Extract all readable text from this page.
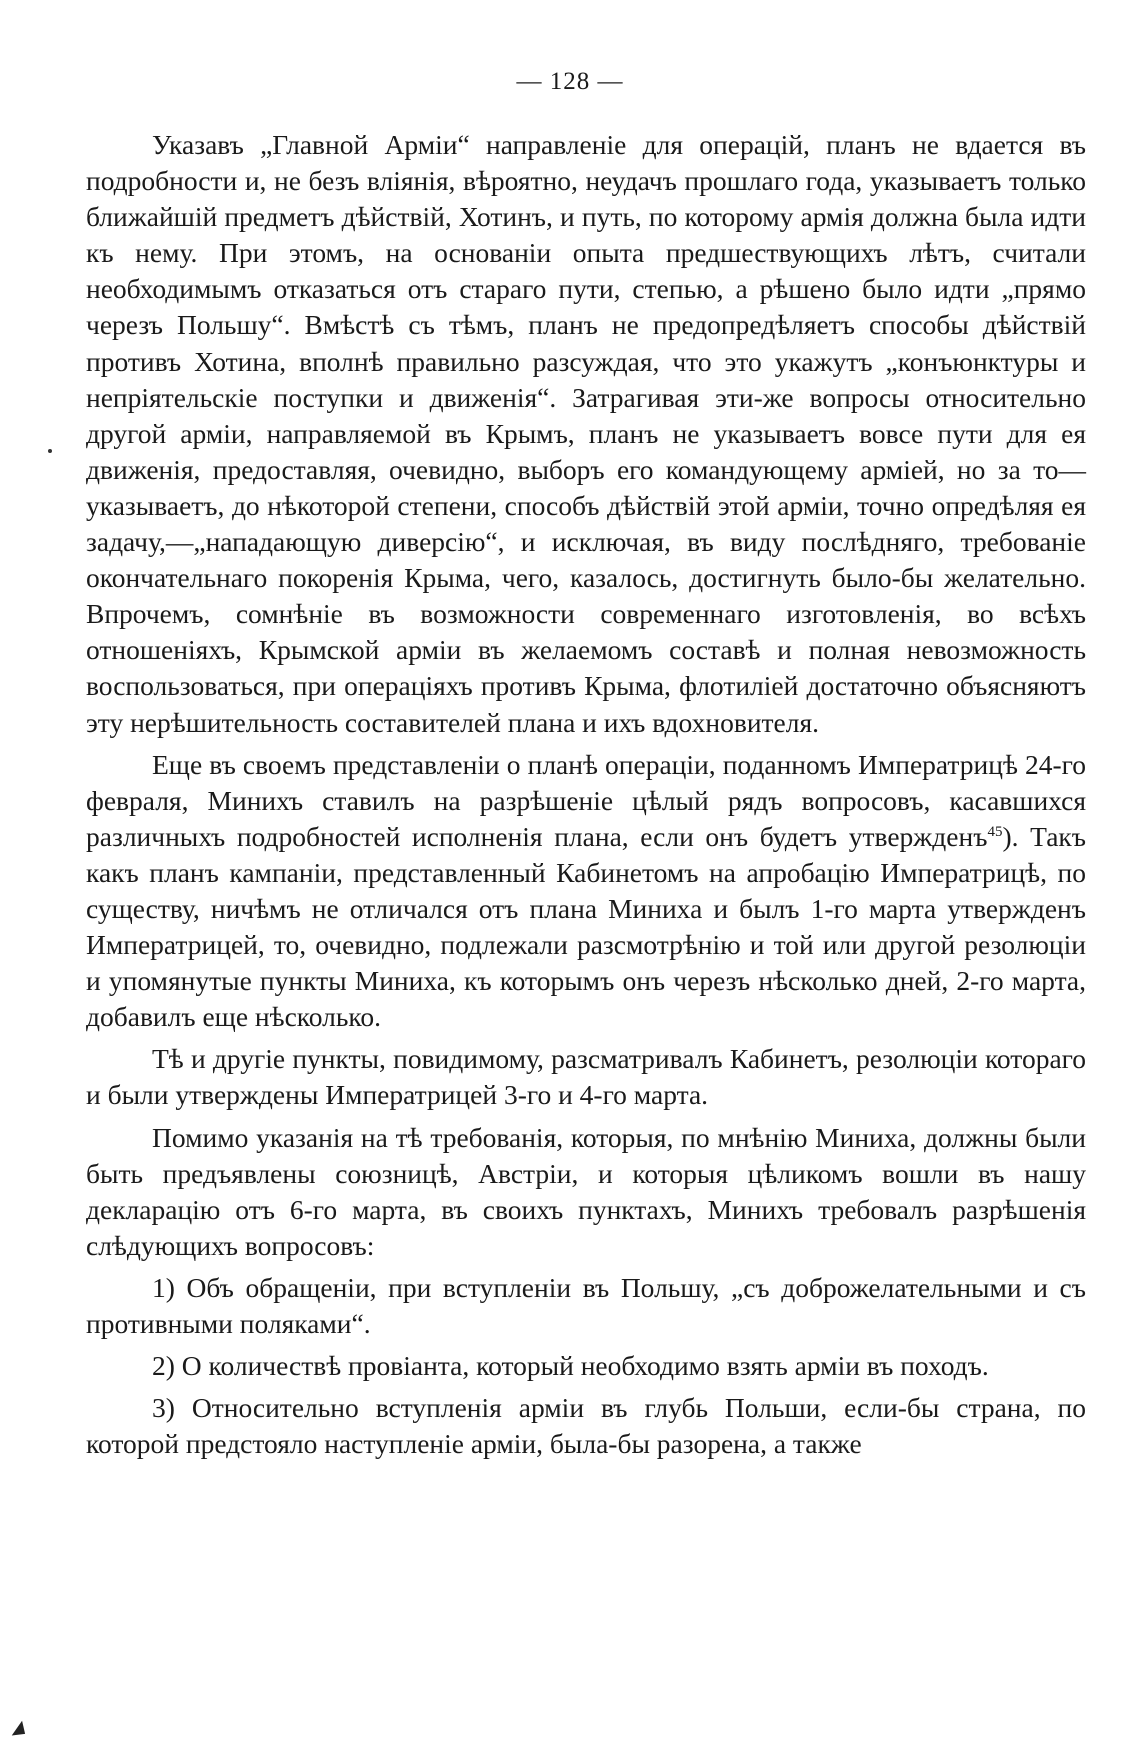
— 128 —

Указавъ „Главной Арміи“ направленіе для операцій, планъ не вдается въ подробности и, не безъ вліянія, вѣроятно, неудачъ прошлаго года, указываетъ только ближайшій предметъ дѣйствій, Хотинъ, и путь, по которому армія должна была идти къ нему. При этомъ, на основаніи опыта предшествующихъ лѣтъ, считали необходимымъ отказаться отъ стараго пути, степью, а рѣшено было идти „прямо черезъ Польшу“. Вмѣстѣ съ тѣмъ, планъ не предопредѣляетъ способы дѣйствій противъ Хотина, вполнѣ правильно разсуждая, что это укажутъ „конъюнктуры и непріятельскіе поступки и движенія“. Затрагивая эти-же вопросы относительно другой арміи, направляемой въ Крымъ, планъ не указываетъ вовсе пути для ея движенія, предоставляя, очевидно, выборъ его командующему арміей, но за то—указываетъ, до нѣкоторой степени, способъ дѣйствій этой арміи, точно опредѣляя ея задачу,—„нападающую диверсію“, и исключая, въ виду послѣдняго, требованіе окончательнаго покоренія Крыма, чего, казалось, достигнуть было-бы желательно. Впрочемъ, сомнѣніе въ возможности современнаго изготовленія, во всѣхъ отношеніяхъ, Крымской арміи въ желаемомъ составѣ и полная невозможность воспользоваться, при операціяхъ противъ Крыма, флотиліей достаточно объясняютъ эту нерѣшительность составителей плана и ихъ вдохновителя.

Еще въ своемъ представленіи о планѣ операціи, поданномъ Императрицѣ 24-го февраля, Минихъ ставилъ на разрѣшеніе цѣлый рядъ вопросовъ, касавшихся различныхъ подробностей исполненія плана, если онъ будетъ утвержденъ$^{45}$). Такъ какъ планъ кампаніи, представленный Кабинетомъ на апробацію Императрицѣ, по существу, ничѣмъ не отличался отъ плана Миниха и былъ 1-го марта утвержденъ Императрицей, то, очевидно, подлежали разсмотрѣнію и той или другой резолюціи и упомянутые пункты Миниха, къ которымъ онъ черезъ нѣсколько дней, 2-го марта, добавилъ еще нѣсколько.

Тѣ и другіе пункты, повидимому, разсматривалъ Кабинетъ, резолюціи котораго и были утверждены Императрицей 3-го и 4-го марта.

Помимо указанія на тѣ требованія, которыя, по мнѣнію Миниха, должны были быть предъявлены союзницѣ, Австріи, и которыя цѣликомъ вошли въ нашу декларацію отъ 6-го марта, въ своихъ пунктахъ, Минихъ требовалъ разрѣшенія слѣдующихъ вопросовъ:

1) Объ обращеніи, при вступленіи въ Польшу, „съ доброжелательными и съ противными поляками“.

2) О количествѣ провіанта, который необходимо взять арміи въ походъ.

3) Относительно вступленія арміи въ глубь Польши, если-бы страна, по которой предстояло наступленіе арміи, была-бы разорена, а также
